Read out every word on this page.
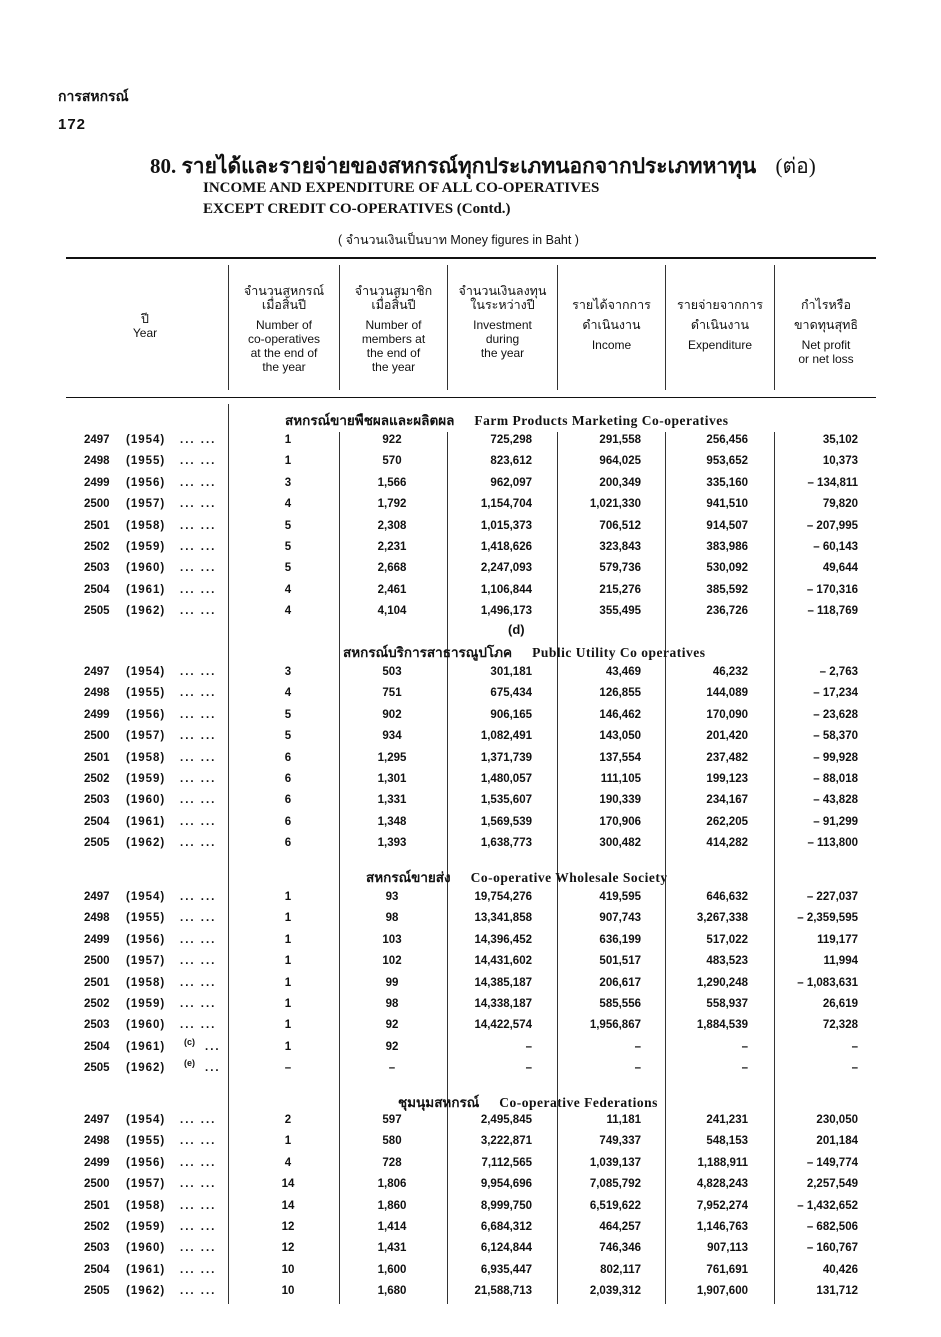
การสหกรณ์
172
80. รายได้และรายจ่ายของสหกรณ์ทุกประเภทนอกจากประเภทหาทุน (ต่อ)
INCOME AND EXPENDITURE OF ALL CO-OPERATIVES
EXCEPT CREDIT CO-OPERATIVES (Contd.)
( จำนวนเงินเป็นบาท Money figures in Baht )
ปี
Year
จำนวนสหกรณ์
เมื่อสิ้นปี
Number of
co-operatives
at the end of
the year
จำนวนสมาชิก
เมื่อสิ้นปี
Number of
members at
the end of
the year
จำนวนเงินลงทุน
ในระหว่างปี
Investment
during
the year
รายได้จากการ
ดำเนินงาน
Income
รายจ่ายจากการ
ดำเนินงาน
Expenditure
กำไรหรือ
ขาดทุนสุทธิ
Net profit
or net loss
สหกรณ์ขายพืชผลและผลิตผล Farm Products Marketing Co-operatives
(d)
สหกรณ์บริการสาธารณูปโภค Public Utility Co operatives
สหกรณ์ขายส่ง Co-operative Wholesale Society
ชุมนุมสหกรณ์ Co-operative Federations
2497 (1954) ... ...	1	922	725,298	291,558	256,456	35,102
2498 (1955) ... ...	1	570	823,612	964,025	953,652	10,373
2499 (1956) ... ...	3	1,566	962,097	200,349	335,160	– 134,811
2500 (1957) ... ...	4	1,792	1,154,704	1,021,330	941,510	79,820
2501 (1958) ... ...	5	2,308	1,015,373	706,512	914,507	– 207,995
2502 (1959) ... ...	5	2,231	1,418,626	323,843	383,986	– 60,143
2503 (1960) ... ...	5	2,668	2,247,093	579,736	530,092	49,644
2504 (1961) ... ...	4	2,461	1,106,844	215,276	385,592	– 170,316
2505 (1962) ... ...	4	4,104	1,496,173	355,495	236,726	– 118,769
2497 (1954) ... ...	3	503	301,181	43,469	46,232	– 2,763
2498 (1955) ... ...	4	751	675,434	126,855	144,089	– 17,234
2499 (1956) ... ...	5	902	906,165	146,462	170,090	– 23,628
2500 (1957) ... ...	5	934	1,082,491	143,050	201,420	– 58,370
2501 (1958) ... ...	6	1,295	1,371,739	137,554	237,482	– 99,928
2502 (1959) ... ...	6	1,301	1,480,057	111,105	199,123	– 88,018
2503 (1960) ... ...	6	1,331	1,535,607	190,339	234,167	– 43,828
2504 (1961) ... ...	6	1,348	1,569,539	170,906	262,205	– 91,299
2505 (1962) ... ...	6	1,393	1,638,773	300,482	414,282	– 113,800
2497 (1954) ... ...	1	93	19,754,276	419,595	646,632	– 227,037
2498 (1955) ... ...	1	98	13,341,858	907,743	3,267,338	– 2,359,595
2499 (1956) ... ...	1	103	14,396,452	636,199	517,022	119,177
2500 (1957) ... ...	1	102	14,431,602	501,517	483,523	11,994
2501 (1958) ... ...	1	99	14,385,187	206,617	1,290,248	– 1,083,631
2502 (1959) ... ...	1	98	14,338,187	585,556	558,937	26,619
2503 (1960) ... ...	1	92	14,422,574	1,956,867	1,884,539	72,328
2504 (1961) (c) ...	1	92	–	–	–	–
2505 (1962) (e) ...	–	–	–	–	–	–
2497 (1954) ... ...	2	597	2,495,845	11,181	241,231	230,050
2498 (1955) ... ...	1	580	3,222,871	749,337	548,153	201,184
2499 (1956) ... ...	4	728	7,112,565	1,039,137	1,188,911	– 149,774
2500 (1957) ... ...	14	1,806	9,954,696	7,085,792	4,828,243	2,257,549
2501 (1958) ... ...	14	1,860	8,999,750	6,519,622	7,952,274	– 1,432,652
2502 (1959) ... ...	12	1,414	6,684,312	464,257	1,146,763	– 682,506
2503 (1960) ... ...	12	1,431	6,124,844	746,346	907,113	– 160,767
2504 (1961) ... ...	10	1,600	6,935,447	802,117	761,691	40,426
2505 (1962) ... ...	10	1,680	21,588,713	2,039,312	1,907,600	131,712
